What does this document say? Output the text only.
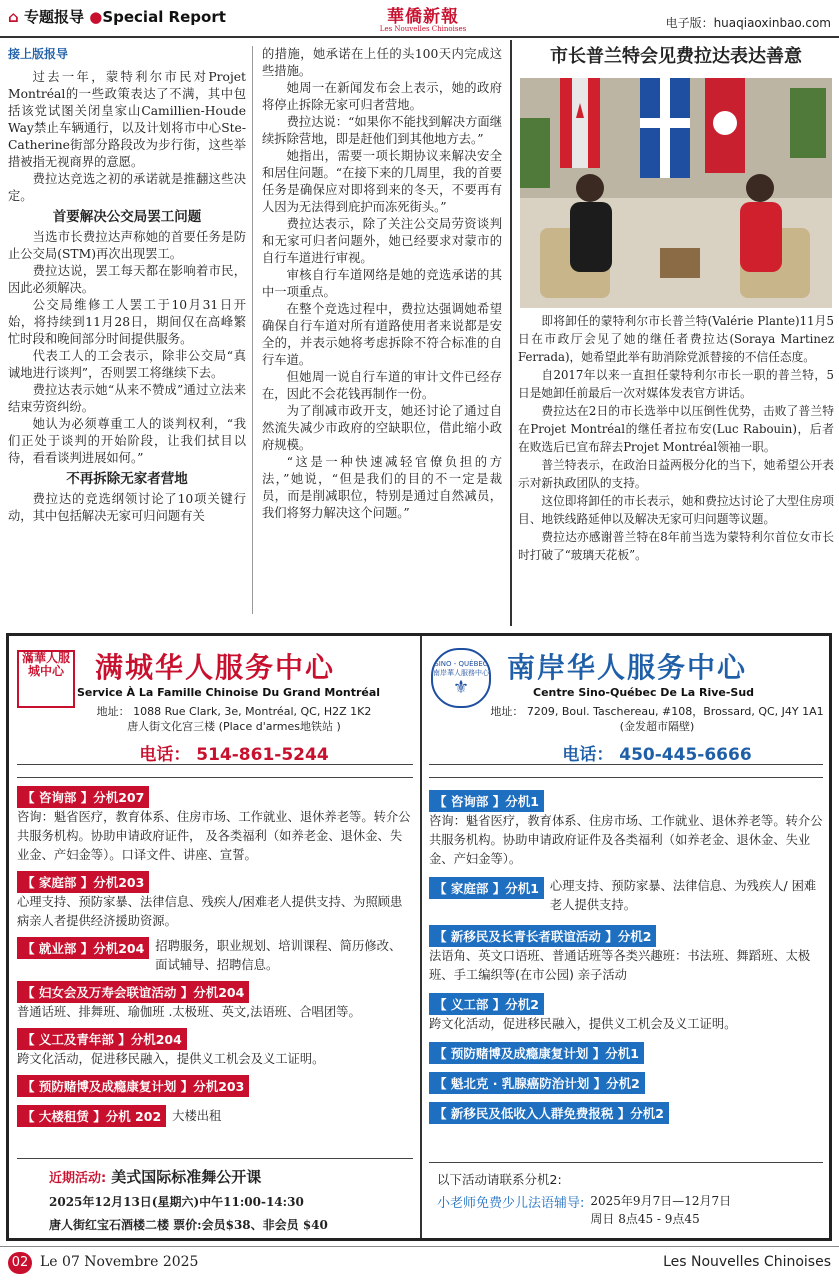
⌂ 专题报导 ●Special Report	華僑新報
Les Nouvelles Chinoises	电子版：huaqiaoxinbao.com
接上版报导

过去一年，蒙特利尔市民对Projet Montréal的一些政策表达了不满，其中包括该党试图关闭皇家山Camillien-Houde Way禁止车辆通行，以及计划将市中心Ste-Catherine街部分路段改为步行街，这些举措被指无视商界的意愿。

费拉达竞选之初的承诺就是推翻这些决定。

首要解决公交局罢工问题

当选市长费拉达声称她的首要任务是防止公交局(STM)再次出现罢工。

费拉达说，罢工每天都在影响着市民，因此必须解决。

公交局维修工人罢工于10月31日开始，将持续到11月28日，期间仅在高峰繁忙时段和晚间部分时间提供服务。

代表工人的工会表示，除非公交局“真诚地进行谈判”，否则罢工将继续下去。

费拉达表示她“从来不赞成”通过立法来结束劳资纠纷。

她认为必须尊重工人的谈判权利，“我们正处于谈判的开始阶段，让我们拭目以待，看看谈判进展如何。”

不再拆除无家者营地

费拉达的竞选纲领讨论了10项关键行动，其中包括解决无家可归问题有关

的措施，她承诺在上任的头100天内完成这些措施。

她周一在新闻发布会上表示，她的政府将停止拆除无家可归者营地。

费拉达说：“如果你不能找到解决方面继续拆除营地，即是赶他们到其他地方去。”

她指出，需要一项长期协议来解决安全和居住问题。“在接下来的几周里，我的首要任务是确保应对即将到来的冬天，不要再有人因为无法得到庇护而冻死街头。”

费拉达表示，除了关注公交局劳资谈判和无家可归者问题外，她已经要求对蒙市的自行车道进行审视。

审核自行车道网络是她的竞选承诺的其中一项重点。

在整个竞选过程中，费拉达强调她希望确保自行车道对所有道路使用者来说都是安全的，并表示她将考虑拆除不符合标准的自行车道。

但她周一说自行车道的审计文件已经存在，因此不会花钱再制作一份。

为了削减市政开支，她还讨论了通过自然流失减少市政府的空缺职位，借此缩小政府规模。

“这是一种快速减轻官僚负担的方法，”她说，“但是我们的目的不一定是裁员，而是削减职位，特别是通过自然减员，我们将努力解决这个问题。”

市长普兰特会见费拉达表达善意

即将卸任的蒙特利尔市长普兰特(Valérie Plante)11月5日在市政厅会见了她的继任者费拉达(Soraya Martinez Ferrada)，她希望此举有助消除党派替接的不信任态度。

自2017年以来一直担任蒙特利尔市长一职的普兰特，5日是她卸任前最后一次对媒体发表官方讲话。

费拉达在2日的市长选举中以压倒性优势，击败了普兰特在Projet Montréal的继任者拉布安(Luc Rabouin)，后者在败选后已宣布辞去Projet Montréal领袖一职。

普兰特表示，在政治日益两极分化的当下，她希望公开表示对新执政团队的支持。

这位即将卸任的市长表示，她和费拉达讨论了大型住房项目、地铁线路延伸以及解决无家可归问题等议题。

费拉达亦感谢普兰特在8年前当选为蒙特利尔首位女市长时打破了“玻璃天花板”。

滿華人服城中心	满城华人服务中心
Service À La Famille Chinoise Du Grand Montréal
地址： 1088 Rue Clark, 3e, Montréal, QC, H2Z 1K2
唐人街文化宫三楼 (Place d'armes地铁站 )
电话： 514-861-5244
【 咨询部 】分机207
咨询：魁省医疗，教育体系、住房市场、工作就业、退休养老等。转介公共服务机构。协助申请政府证件， 及各类福利（如养老金、退休金、失业金、产妇金等）。口译文件、讲座、宣誓。
【 家庭部 】分机203
心理支持、预防家暴、法律信息、残疾人/困难老人提供支持、为照顾患病亲人者提供经济援助资源。
【 就业部 】分机204 招聘服务，职业规划、培训课程、简历修改、面试辅导、招聘信息。
【 妇女会及万寿会联谊活动 】分机204
普通话班、排舞班、瑜伽班 .太极班、英文,法语班、合唱团等。
【 义工及青年部 】分机204
跨文化活动，促进移民融入，提供义工机会及义工证明。
【 预防赌博及成瘾康复计划 】分机203
【 大楼租赁 】分机 202 大楼出租
近期活动: 美式国际标准舞公开课
2025年12月13日(星期六)中午11:00-14:30
唐人街红宝石酒楼二楼 票价:会员$38、非会员 $40
SINO - QUÉBEC 南岸華人服務中心
⚜
南岸华人服务中心
Centre Sino-Québec De La Rive-Sud
地址： 7209, Boul. Taschereau, #108，Brossard, QC, J4Y 1A1
(金发超市隔壁)
电话： 450-445-6666
【 咨询部 】分机1
咨询：魁省医疗，教育体系、住房市场、工作就业、退休养老等。转介公共服务机构。协助申请政府证件及各类福利（如养老金、退休金、失业金、产妇金等）。
【 家庭部 】分机1 心理支持、预防家暴、法律信息、为残疾人/ 困难老人提供支持。
【 新移民及长青长者联谊活动 】分机2
法语角、英文口语班、普通话班等各类兴趣班：书法班、舞蹈班、太极班、手工编织等(在市公园) 亲子活动
【 义工部 】分机2
跨文化活动，促进移民融入，提供义工机会及义工证明。
【 预防赌博及成瘾康复计划 】分机1
【 魁北克 · 乳腺癌防治计划 】分机2
【 新移民及低收入人群免费报税 】分机2
以下活动请联系分机2:
小老师免费少儿法语辅导: 2025年9月7日—12月7日
周日 8点45 - 9点45
02 Le 07 Novembre 2025	Les Nouvelles Chinoises
